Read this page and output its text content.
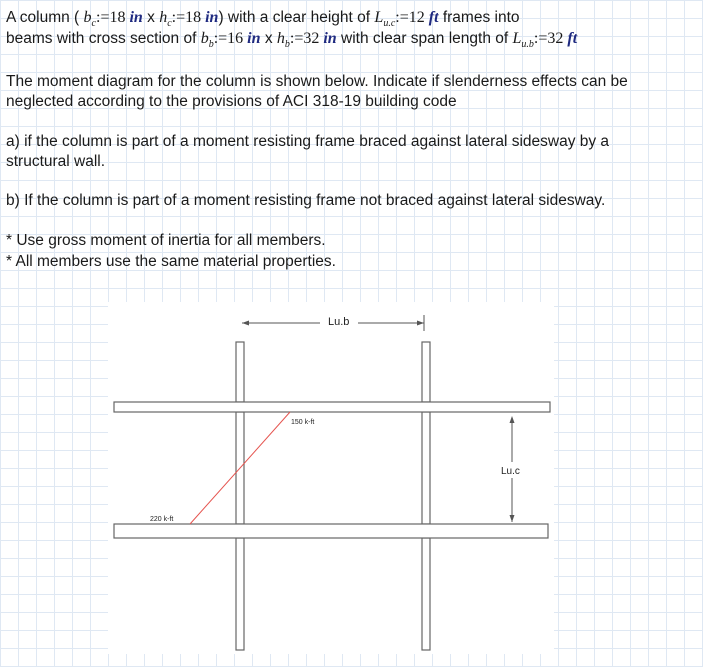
A column ( $b_c:=18$ in x $h_c:=18$ in) with a clear height of $L_{u.c}:=12$ ft frames into
beams with cross section of $b_b:=16$ in x $h_b:=32$ in with clear span length of $L_{u.b}:=32$ ft
The moment diagram for the column is shown below. Indicate if slenderness effects can be
neglected according to the provisions of ACI 318-19 building code
a) if the column is part of a moment resisting frame braced against lateral sidesway by a
structural wall.
b) If the column is part of a moment resisting frame not braced against lateral sidesway.
* Use gross moment of inertia for all members.
* All members use the same material properties.
Lu.b
Lu.c
150 k-ft
220 k-ft
